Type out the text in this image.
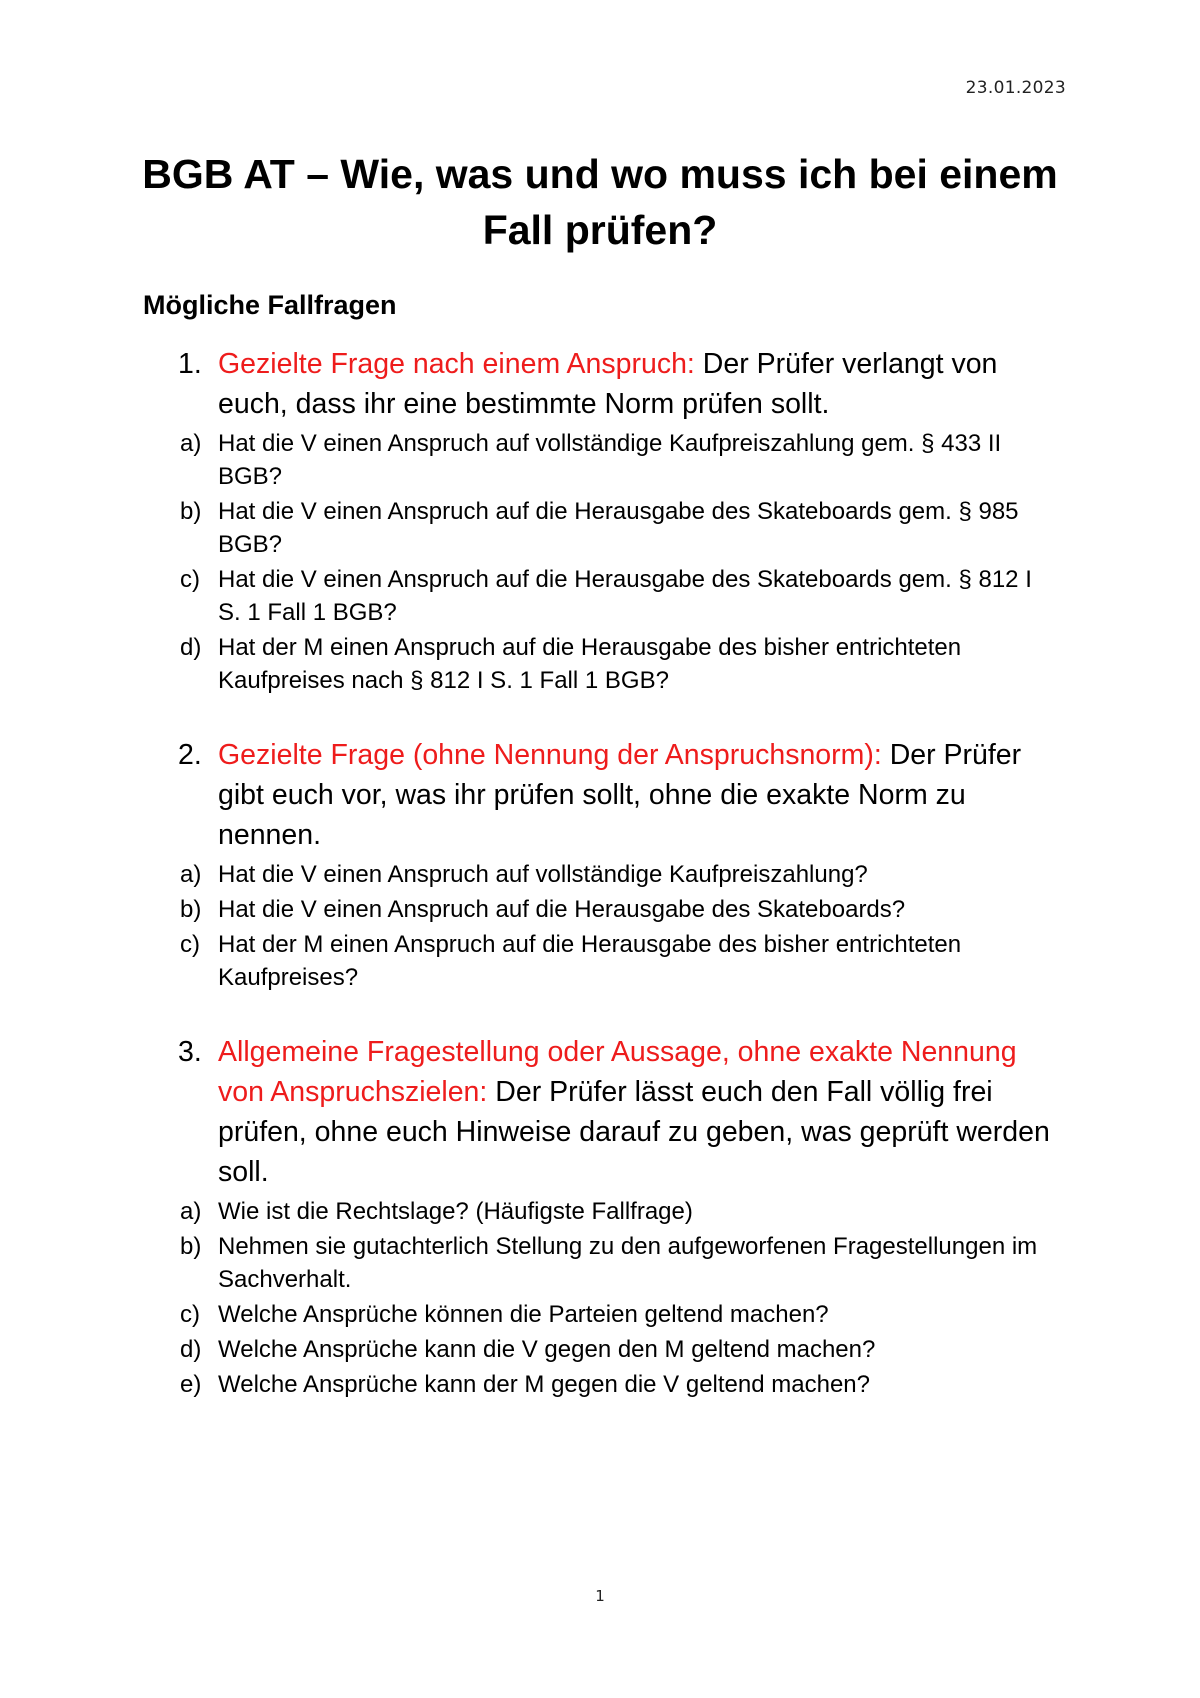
23.01.2023
BGB AT – Wie, was und wo muss ich bei einem Fall prüfen?
Mögliche Fallfragen
1. Gezielte Frage nach einem Anspruch: Der Prüfer verlangt von euch, dass ihr eine bestimmte Norm prüfen sollt.
a) Hat die V einen Anspruch auf vollständige Kaufpreiszahlung gem. § 433 II BGB?
b) Hat die V einen Anspruch auf die Herausgabe des Skateboards gem. § 985 BGB?
c) Hat die V einen Anspruch auf die Herausgabe des Skateboards gem. § 812 I S. 1 Fall 1 BGB?
d) Hat der M einen Anspruch auf die Herausgabe des bisher entrichteten Kaufpreises nach § 812 I S. 1 Fall 1 BGB?
2. Gezielte Frage (ohne Nennung der Anspruchsnorm): Der Prüfer gibt euch vor, was ihr prüfen sollt, ohne die exakte Norm zu nennen.
a) Hat die V einen Anspruch auf vollständige Kaufpreiszahlung?
b) Hat die V einen Anspruch auf die Herausgabe des Skateboards?
c) Hat der M einen Anspruch auf die Herausgabe des bisher entrichteten Kaufpreises?
3. Allgemeine Fragestellung oder Aussage, ohne exakte Nennung von Anspruchszielen: Der Prüfer lässt euch den Fall völlig frei prüfen, ohne euch Hinweise darauf zu geben, was geprüft werden soll.
a) Wie ist die Rechtslage? (Häufigste Fallfrage)
b) Nehmen sie gutachterlich Stellung zu den aufgeworfenen Fragestellungen im Sachverhalt.
c) Welche Ansprüche können die Parteien geltend machen?
d) Welche Ansprüche kann die V gegen den M geltend machen?
e) Welche Ansprüche kann der M gegen die V geltend machen?
1
